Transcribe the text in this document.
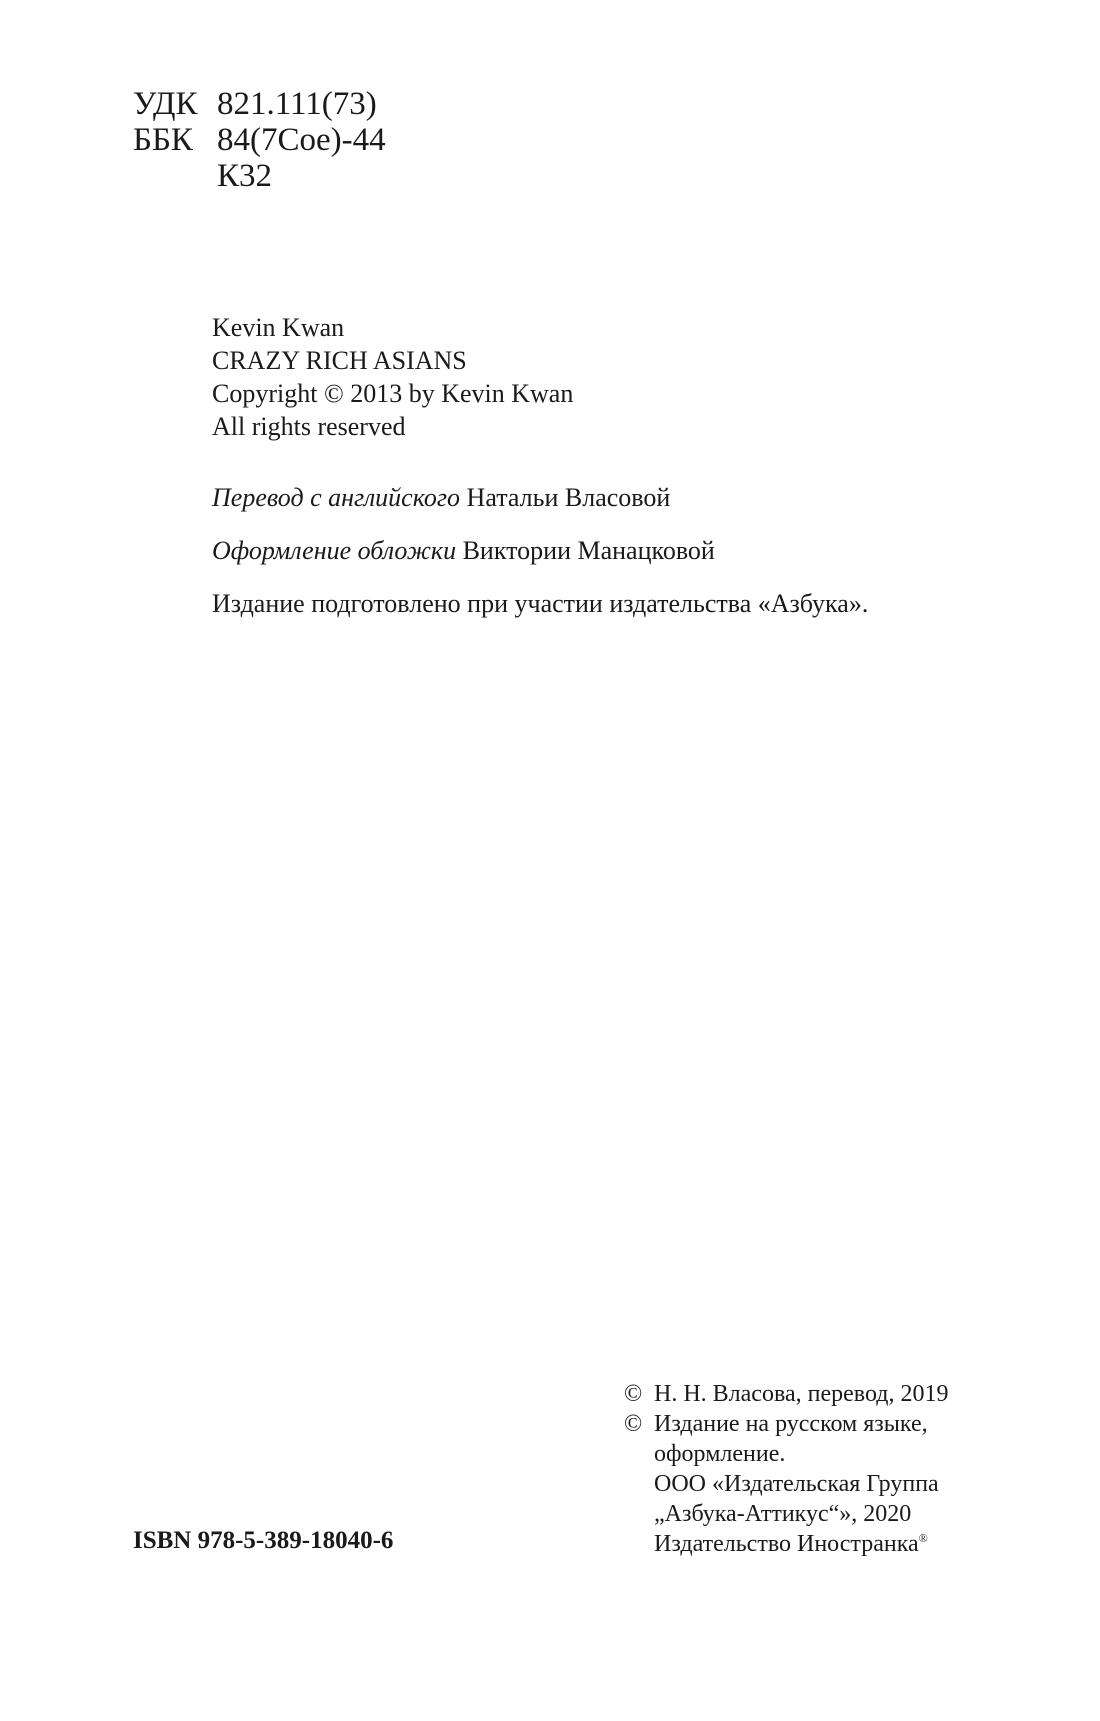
УДК 821.111(73)
ББК 84(7Coe)-44
К32
Kevin Kwan
CRAZY RICH ASIANS
Copyright © 2013 by Kevin Kwan
All rights reserved
Перевод с английского Натальи Власовой
Оформление обложки Виктории Манацковой
Издание подготовлено при участии издательства «Азбука».
© Н. Н. Власова, перевод, 2019
© Издание на русском языке,
оформление.
ООО «Издательская Группа
„Азбука-Аттикус“», 2020
Издательство Иностранка®
ISBN 978-5-389-18040-6
